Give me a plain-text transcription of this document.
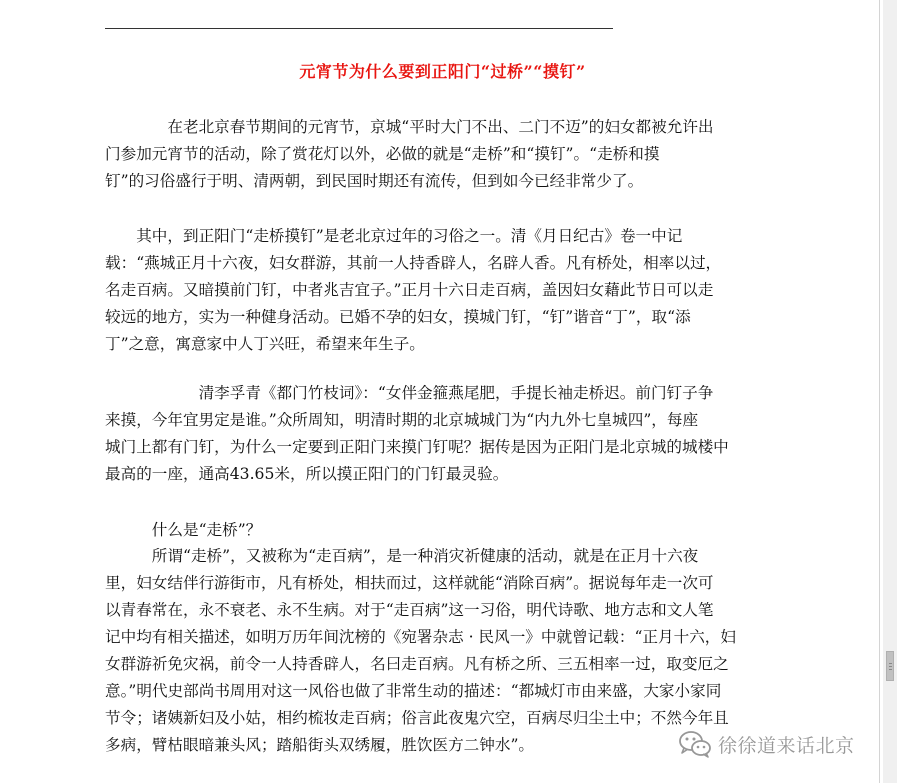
元宵节为什么要到正阳门“过桥”“摸钉”
　　　　在老北京春节期间的元宵节，京城“平时大门不出、二门不迈”的妇女都被允许出
门参加元宵节的活动，除了赏花灯以外，必做的就是“走桥”和“摸钉”。“走桥和摸
钉”的习俗盛行于明、清两朝，到民国时期还有流传，但到如今已经非常少了。
　　其中，到正阳门“走桥摸钉”是老北京过年的习俗之一。清《月日纪古》卷一中记
载：“燕城正月十六夜，妇女群游，其前一人持香辟人，名辟人香。凡有桥处，相率以过，
名走百病。又暗摸前门钉，中者兆吉宜子。”正月十六日走百病，盖因妇女藉此节日可以走
较远的地方，实为一种健身活动。已婚不孕的妇女，摸城门钉，“钉”谐音“丁”，取“添
丁”之意，寓意家中人丁兴旺，希望来年生子。
　　　　　　清李孚青《都门竹枝词》：“女伴金箍燕尾肥，手提长袖走桥迟。前门钉子争
来摸，今年宜男定是谁。”众所周知，明清时期的北京城城门为“内九外七皇城四”，每座
城门上都有门钉，为什么一定要到正阳门来摸门钉呢？据传是因为正阳门是北京城的城楼中
最高的一座，通高43.65米，所以摸正阳门的门钉最灵验。
　　　什么是“走桥”？
　　　所谓“走桥”，又被称为“走百病”，是一种消灾祈健康的活动，就是在正月十六夜
里，妇女结伴行游街市，凡有桥处，相扶而过，这样就能“消除百病”。据说每年走一次可
以青春常在，永不衰老、永不生病。对于“走百病”这一习俗，明代诗歌、地方志和文人笔
记中均有相关描述，如明万历年间沈榜的《宛署杂志 · 民风一》中就曾记载：“正月十六，妇
女群游祈免灾祸，前令一人持香辟人，名曰走百病。凡有桥之所、三五相率一过，取变厄之
意。”明代史部尚书周用对这一风俗也做了非常生动的描述：“都城灯市由来盛，大家小家同
节令；诸姨新妇及小姑，相约梳妆走百病；俗言此夜鬼穴空，百病尽归尘土中；不然今年且
多病，臂枯眼暗兼头风；踏船街头双绣履，胜饮医方二钟水”。	徐徐道来话北京
